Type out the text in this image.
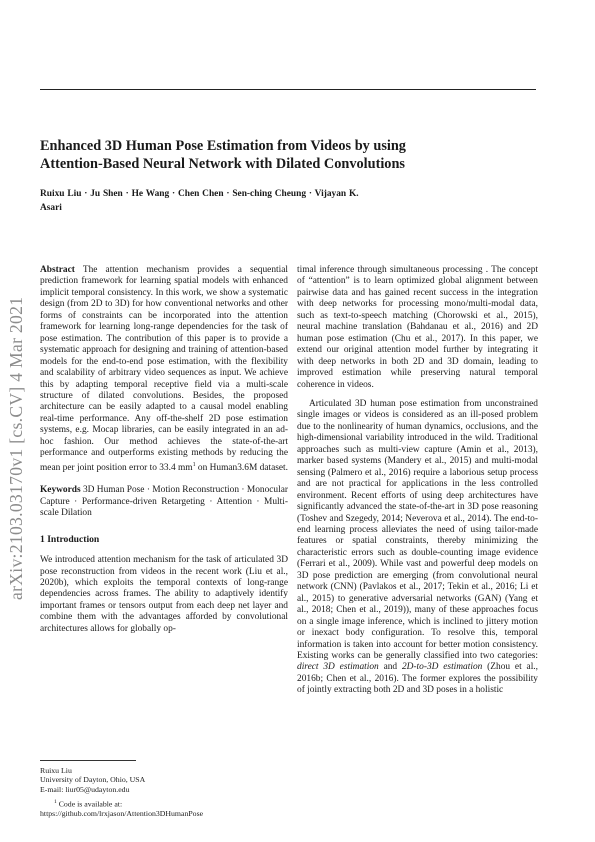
Enhanced 3D Human Pose Estimation from Videos by using
Attention-Based Neural Network with Dilated Convolutions
Ruixu Liu · Ju Shen · He Wang · Chen Chen · Sen-ching Cheung · Vijayan K.
Asari
arXiv:2103.03170v1 [cs.CV] 4 Mar 2021

Abstract The attention mechanism provides a sequential prediction framework for learning spatial models with enhanced implicit temporal consistency. In this work, we show a systematic design (from 2D to 3D) for how conventional networks and other forms of constraints can be incorporated into the attention framework for learning long-range dependencies for the task of pose estimation. The contribution of this paper is to provide a systematic approach for designing and training of attention-based models for the end-to-end pose estimation, with the flexibility and scalability of arbitrary video sequences as input. We achieve this by adapting temporal receptive field via a multi-scale structure of dilated convolutions. Besides, the proposed architecture can be easily adapted to a causal model enabling real-time performance. Any off-the-shelf 2D pose estimation systems, e.g. Mocap libraries, can be easily integrated in an ad-hoc fashion. Our method achieves the state-of-the-art performance and outperforms existing methods by reducing the mean per joint position error to 33.4 $mm^1$ on Human3.6M dataset.

Keywords 3D Human Pose · Motion Reconstruction · Monocular Capture · Performance-driven Retargeting · Attention · Multi-scale Dilation

1 Introduction

We introduced attention mechanism for the task of articulated 3D pose reconstruction from videos in the recent work (Liu et al., 2020b), which exploits the temporal contexts of long-range dependencies across frames. The ability to adaptively identify important frames or tensors output from each deep net layer and combine them with the advantages afforded by convolutional architectures allows for globally op-

Ruixu Liu
University of Dayton, Ohio, USA
E-mail: liur05@udayton.edu
$^1$ Code is available at:
https://github.com/lrxjason/Attention3DHumanPose

timal inference through simultaneous processing . The concept of “attention” is to learn optimized global alignment between pairwise data and has gained recent success in the integration with deep networks for processing mono/multi-modal data, such as text-to-speech matching (Chorowski et al., 2015), neural machine translation (Bahdanau et al., 2016) and 2D human pose estimation (Chu et al., 2017). In this paper, we extend our original attention model further by integrating it with deep networks in both 2D and 3D domain, leading to improved estimation while preserving natural temporal coherence in videos.

Articulated 3D human pose estimation from unconstrained single images or videos is considered as an ill-posed problem due to the nonlinearity of human dynamics, occlusions, and the high-dimensional variability introduced in the wild. Traditional approaches such as multi-view capture (Amin et al., 2013), marker based systems (Mandery et al., 2015) and multi-modal sensing (Palmero et al., 2016) require a laborious setup process and are not practical for applications in the less controlled environment. Recent efforts of using deep architectures have significantly advanced the state-of-the-art in 3D pose reasoning (Toshev and Szegedy, 2014; Neverova et al., 2014). The end-to-end learning process alleviates the need of using tailor-made features or spatial constraints, thereby minimizing the characteristic errors such as double-counting image evidence (Ferrari et al., 2009). While vast and powerful deep models on 3D pose prediction are emerging (from convolutional neural network (CNN) (Pavlakos et al., 2017; Tekin et al., 2016; Li et al., 2015) to generative adversarial networks (GAN) (Yang et al., 2018; Chen et al., 2019)), many of these approaches focus on a single image inference, which is inclined to jittery motion or inexact body configuration. To resolve this, temporal information is taken into account for better motion consistency. Existing works can be generally classified into two categories: direct 3D estimation and 2D-to-3D estimation (Zhou et al., 2016b; Chen et al., 2016). The former explores the possibility of jointly extracting both 2D and 3D poses in a holistic
